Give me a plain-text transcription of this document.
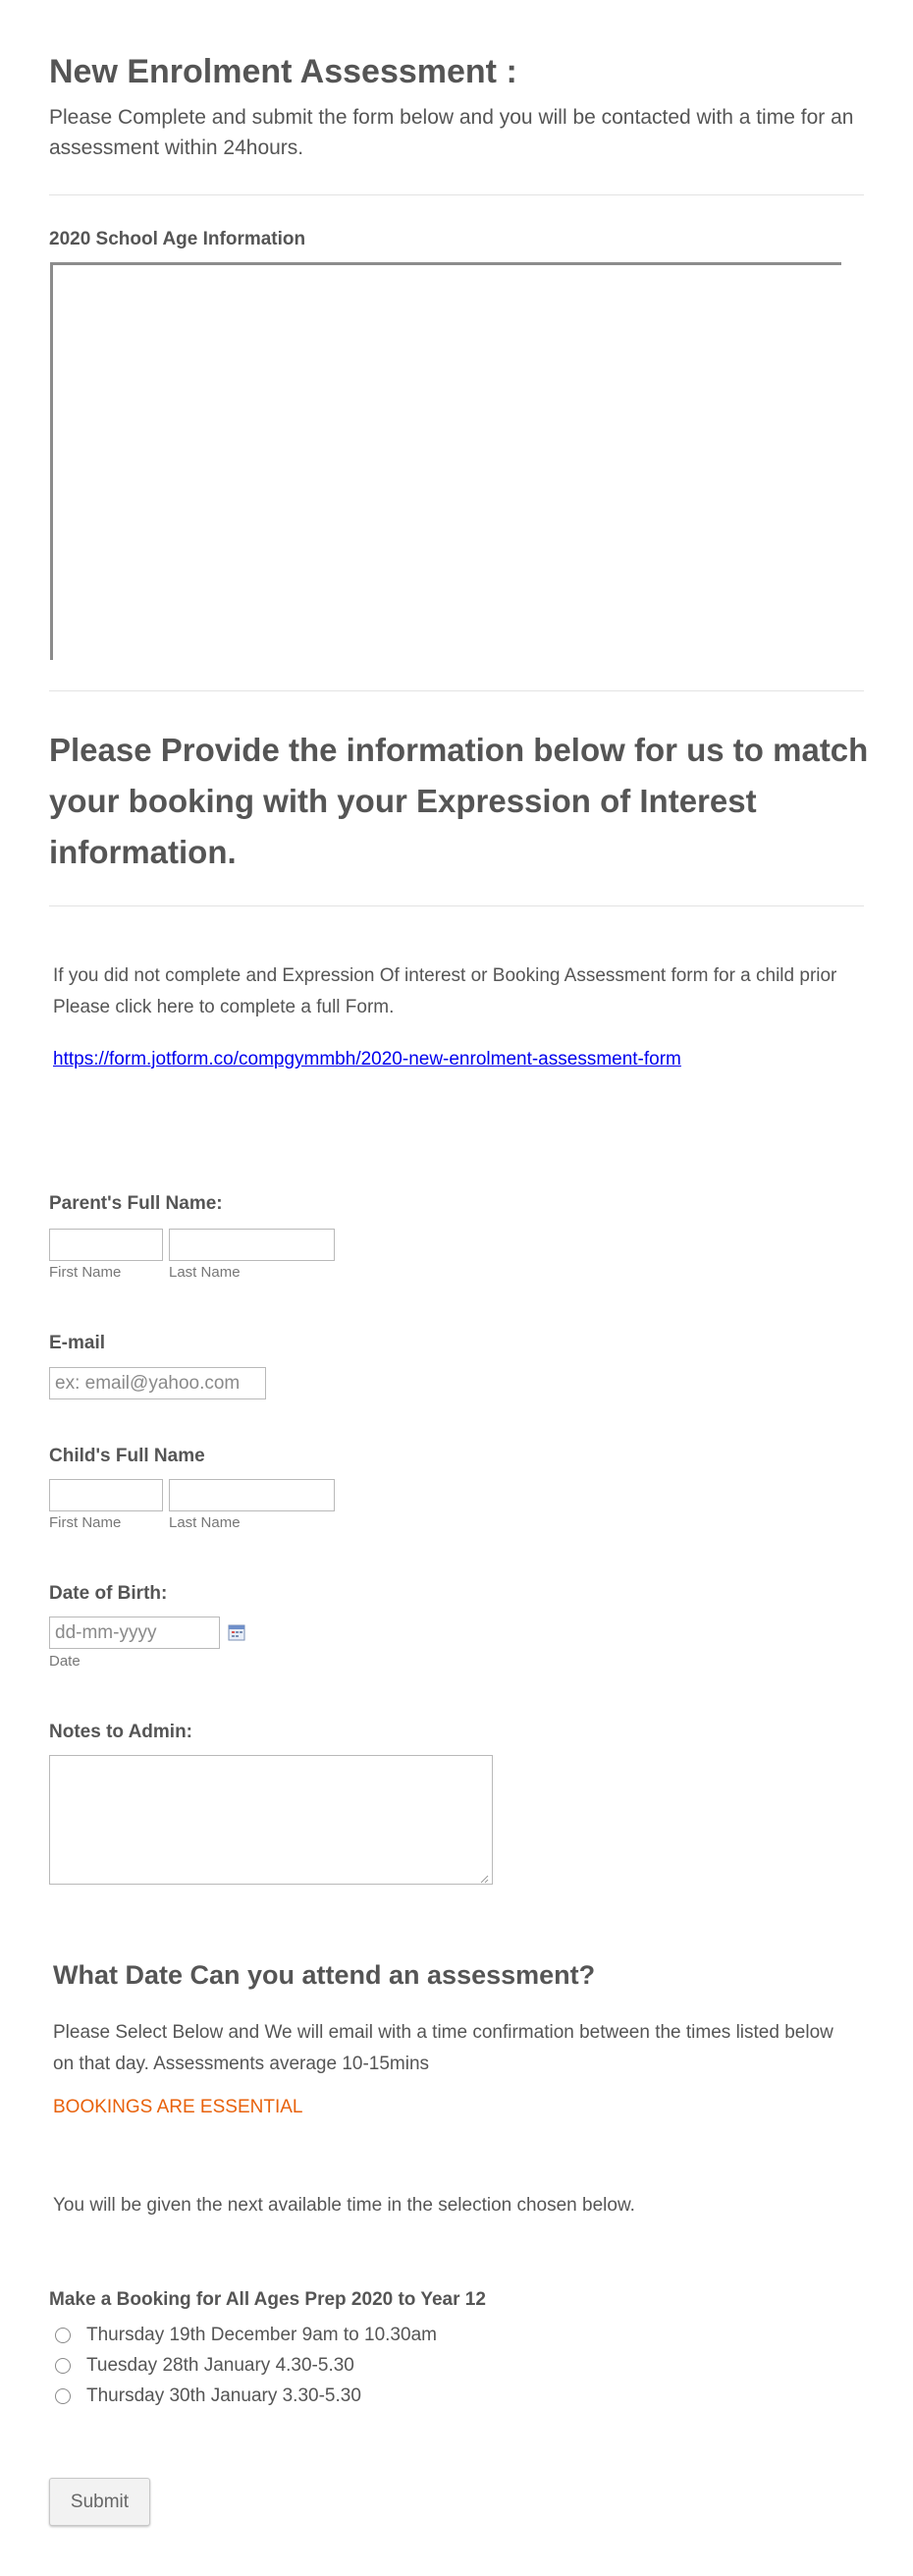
New Enrolment Assessment :
Please Complete and submit the form below and you will be contacted with a time for an assessment within 24hours.
2020 School Age Information
Please Provide the information below for us to match your booking with your Expression of Interest information.
If you did not complete and Expression Of interest or Booking Assessment form for a child prior
Please click here to complete a full Form.
https://form.jotform.co/compgymmbh/2020-new-enrolment-assessment-form
Parent's Full Name:
First Name	Last Name
E-mail
ex: email@yahoo.com
Child's Full Name
First Name	Last Name
Date of Birth:
dd-mm-yyyy
Date
Notes to Admin:
What Date Can you attend an assessment?
Please Select Below and We will email with a time confirmation between the times listed below on that day. Assessments average 10-15mins
BOOKINGS ARE ESSENTIAL
You will be given the next available time in the selection chosen below.
Make a Booking for All Ages Prep 2020 to Year 12
Thursday 19th December 9am to 10.30am
Tuesday 28th January 4.30-5.30
Thursday 30th January 3.30-5.30
Submit
